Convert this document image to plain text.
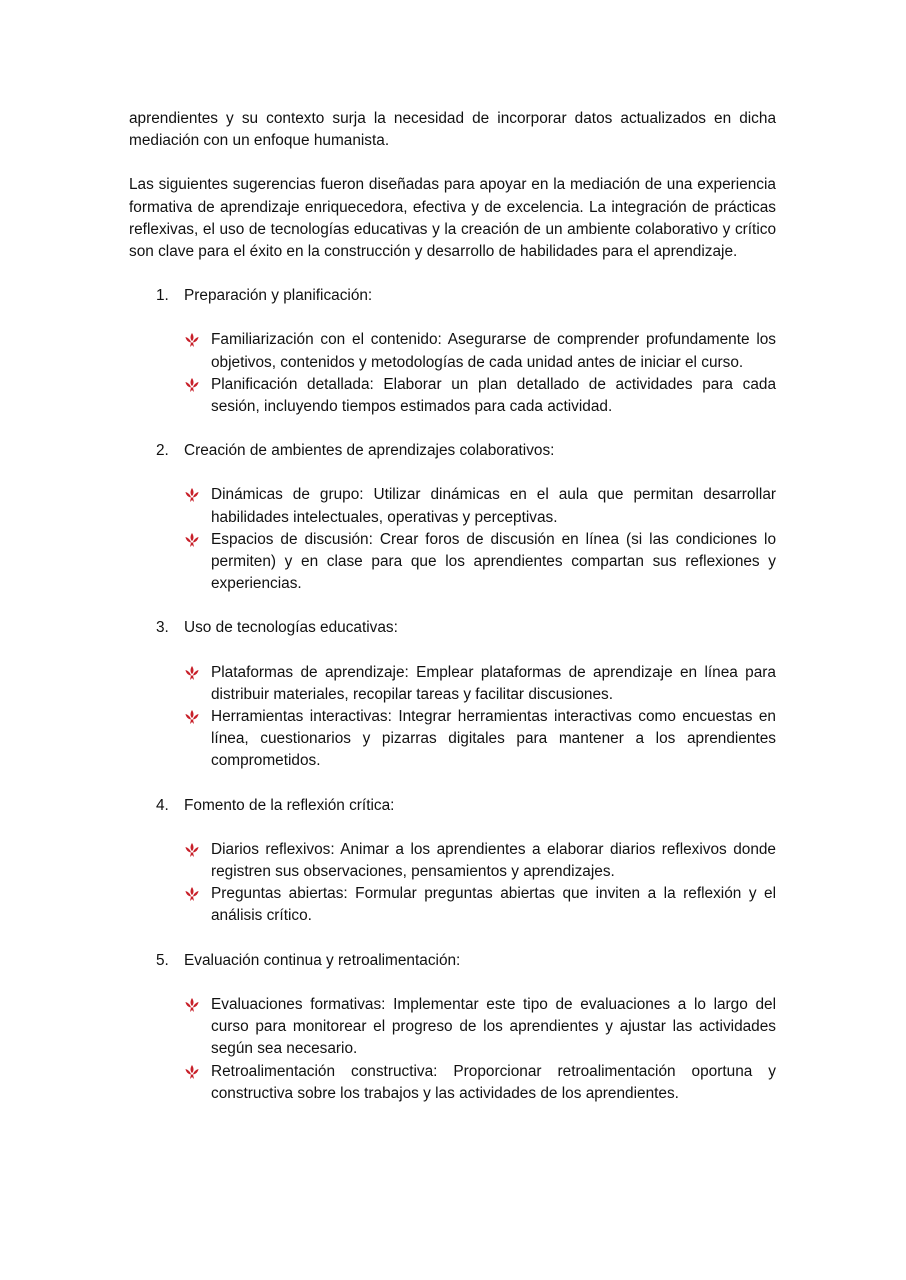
aprendientes y su contexto surja la necesidad de incorporar datos actualizados en dicha mediación con un enfoque humanista.

Las siguientes sugerencias fueron diseñadas para apoyar en la mediación de una experiencia formativa de aprendizaje enriquecedora, efectiva y de excelencia. La integración de prácticas reflexivas, el uso de tecnologías educativas y la creación de un ambiente colaborativo y crítico son clave para el éxito en la construcción y desarrollo de habilidades para el aprendizaje.

1. Preparación y planificación:
Familiarización con el contenido: Asegurarse de comprender profundamente los objetivos, contenidos y metodologías de cada unidad antes de iniciar el curso.
Planificación detallada: Elaborar un plan detallado de actividades para cada sesión, incluyendo tiempos estimados para cada actividad.
2. Creación de ambientes de aprendizajes colaborativos:
Dinámicas de grupo: Utilizar dinámicas en el aula que permitan desarrollar habilidades intelectuales, operativas y perceptivas.
Espacios de discusión: Crear foros de discusión en línea (si las condiciones lo permiten) y en clase para que los aprendientes compartan sus reflexiones y experiencias.
3. Uso de tecnologías educativas:
Plataformas de aprendizaje: Emplear plataformas de aprendizaje en línea para distribuir materiales, recopilar tareas y facilitar discusiones.
Herramientas interactivas: Integrar herramientas interactivas como encuestas en línea, cuestionarios y pizarras digitales para mantener a los aprendientes comprometidos.
4. Fomento de la reflexión crítica:
Diarios reflexivos: Animar a los aprendientes a elaborar diarios reflexivos donde registren sus observaciones, pensamientos y aprendizajes.
Preguntas abiertas: Formular preguntas abiertas que inviten a la reflexión y el análisis crítico.
5. Evaluación continua y retroalimentación:
Evaluaciones formativas: Implementar este tipo de evaluaciones a lo largo del curso para monitorear el progreso de los aprendientes y ajustar las actividades según sea necesario.
Retroalimentación constructiva: Proporcionar retroalimentación oportuna y constructiva sobre los trabajos y las actividades de los aprendientes.
